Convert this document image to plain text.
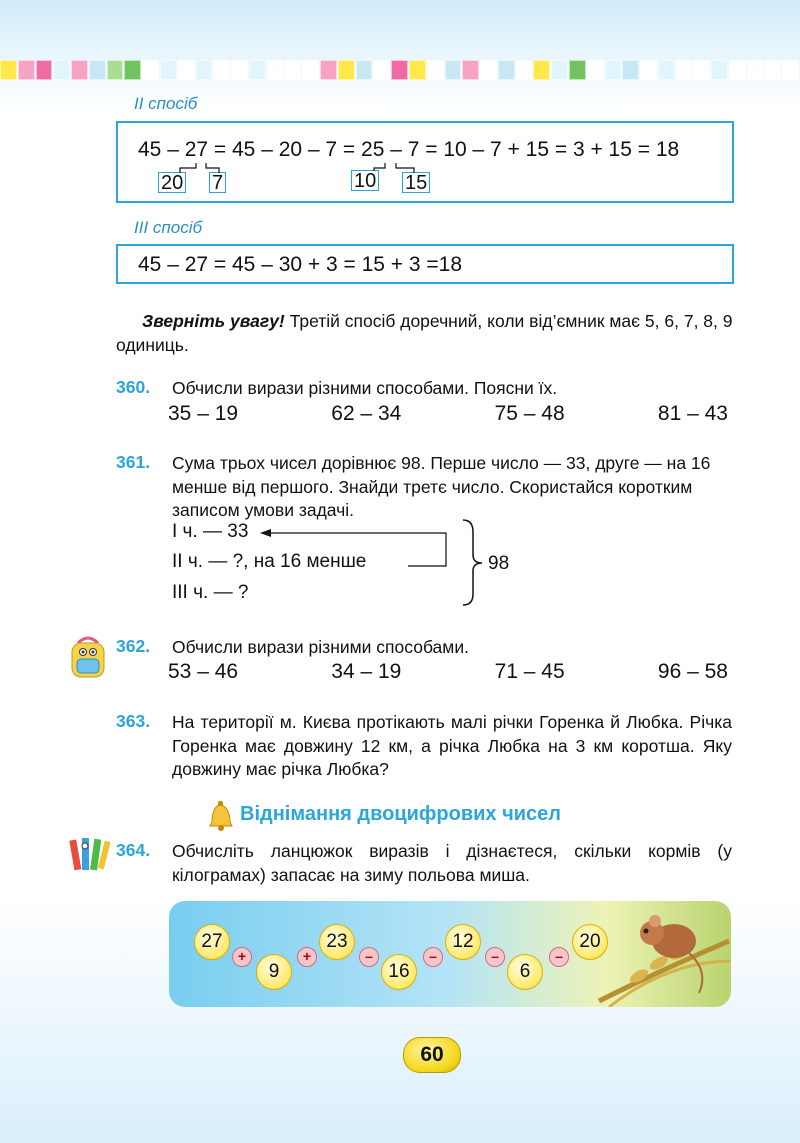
II спосіб
45 – 27 = 45 – 20 – 7 = 25 – 7 = 10 – 7 + 15 = 3 + 15 = 18
20 7	10 15
III спосіб
45 – 27 = 45 – 30 + 3 = 15 + 3 =18
Зверніть увагу! Третій спосіб доречний, коли від’ємник має 5, 6, 7, 8, 9 одиниць.
360. Обчисли вирази різними способами. Поясни їх.
35 – 19	62 – 34	75 – 48	81 – 43
361. Сума трьох чисел дорівнює 98. Перше число — 33, друге — на 16 менше від першого. Знайди третє число. Скористайся коротким записом умови задачі.
I ч. — 33
II ч. — ?, на 16 менше
III ч. — ?
98
362. Обчисли вирази різними способами.
53 – 46	34 – 19	71 – 45	96 – 58
363. На території м. Києва протікають малі річки Горенка й Любка. Річка Горенка має довжину 12 км, а річка Любка на 3 км коротша. Яку довжину має річка Любка?
Віднімання двоцифрових чисел
364. Обчисліть ланцюжок виразів і дізнаєтеся, скільки кормів (у кілограмах) запасає на зиму польова миша.
27
+
9
+
23
–
16
–
12
–
6
–
20
60
